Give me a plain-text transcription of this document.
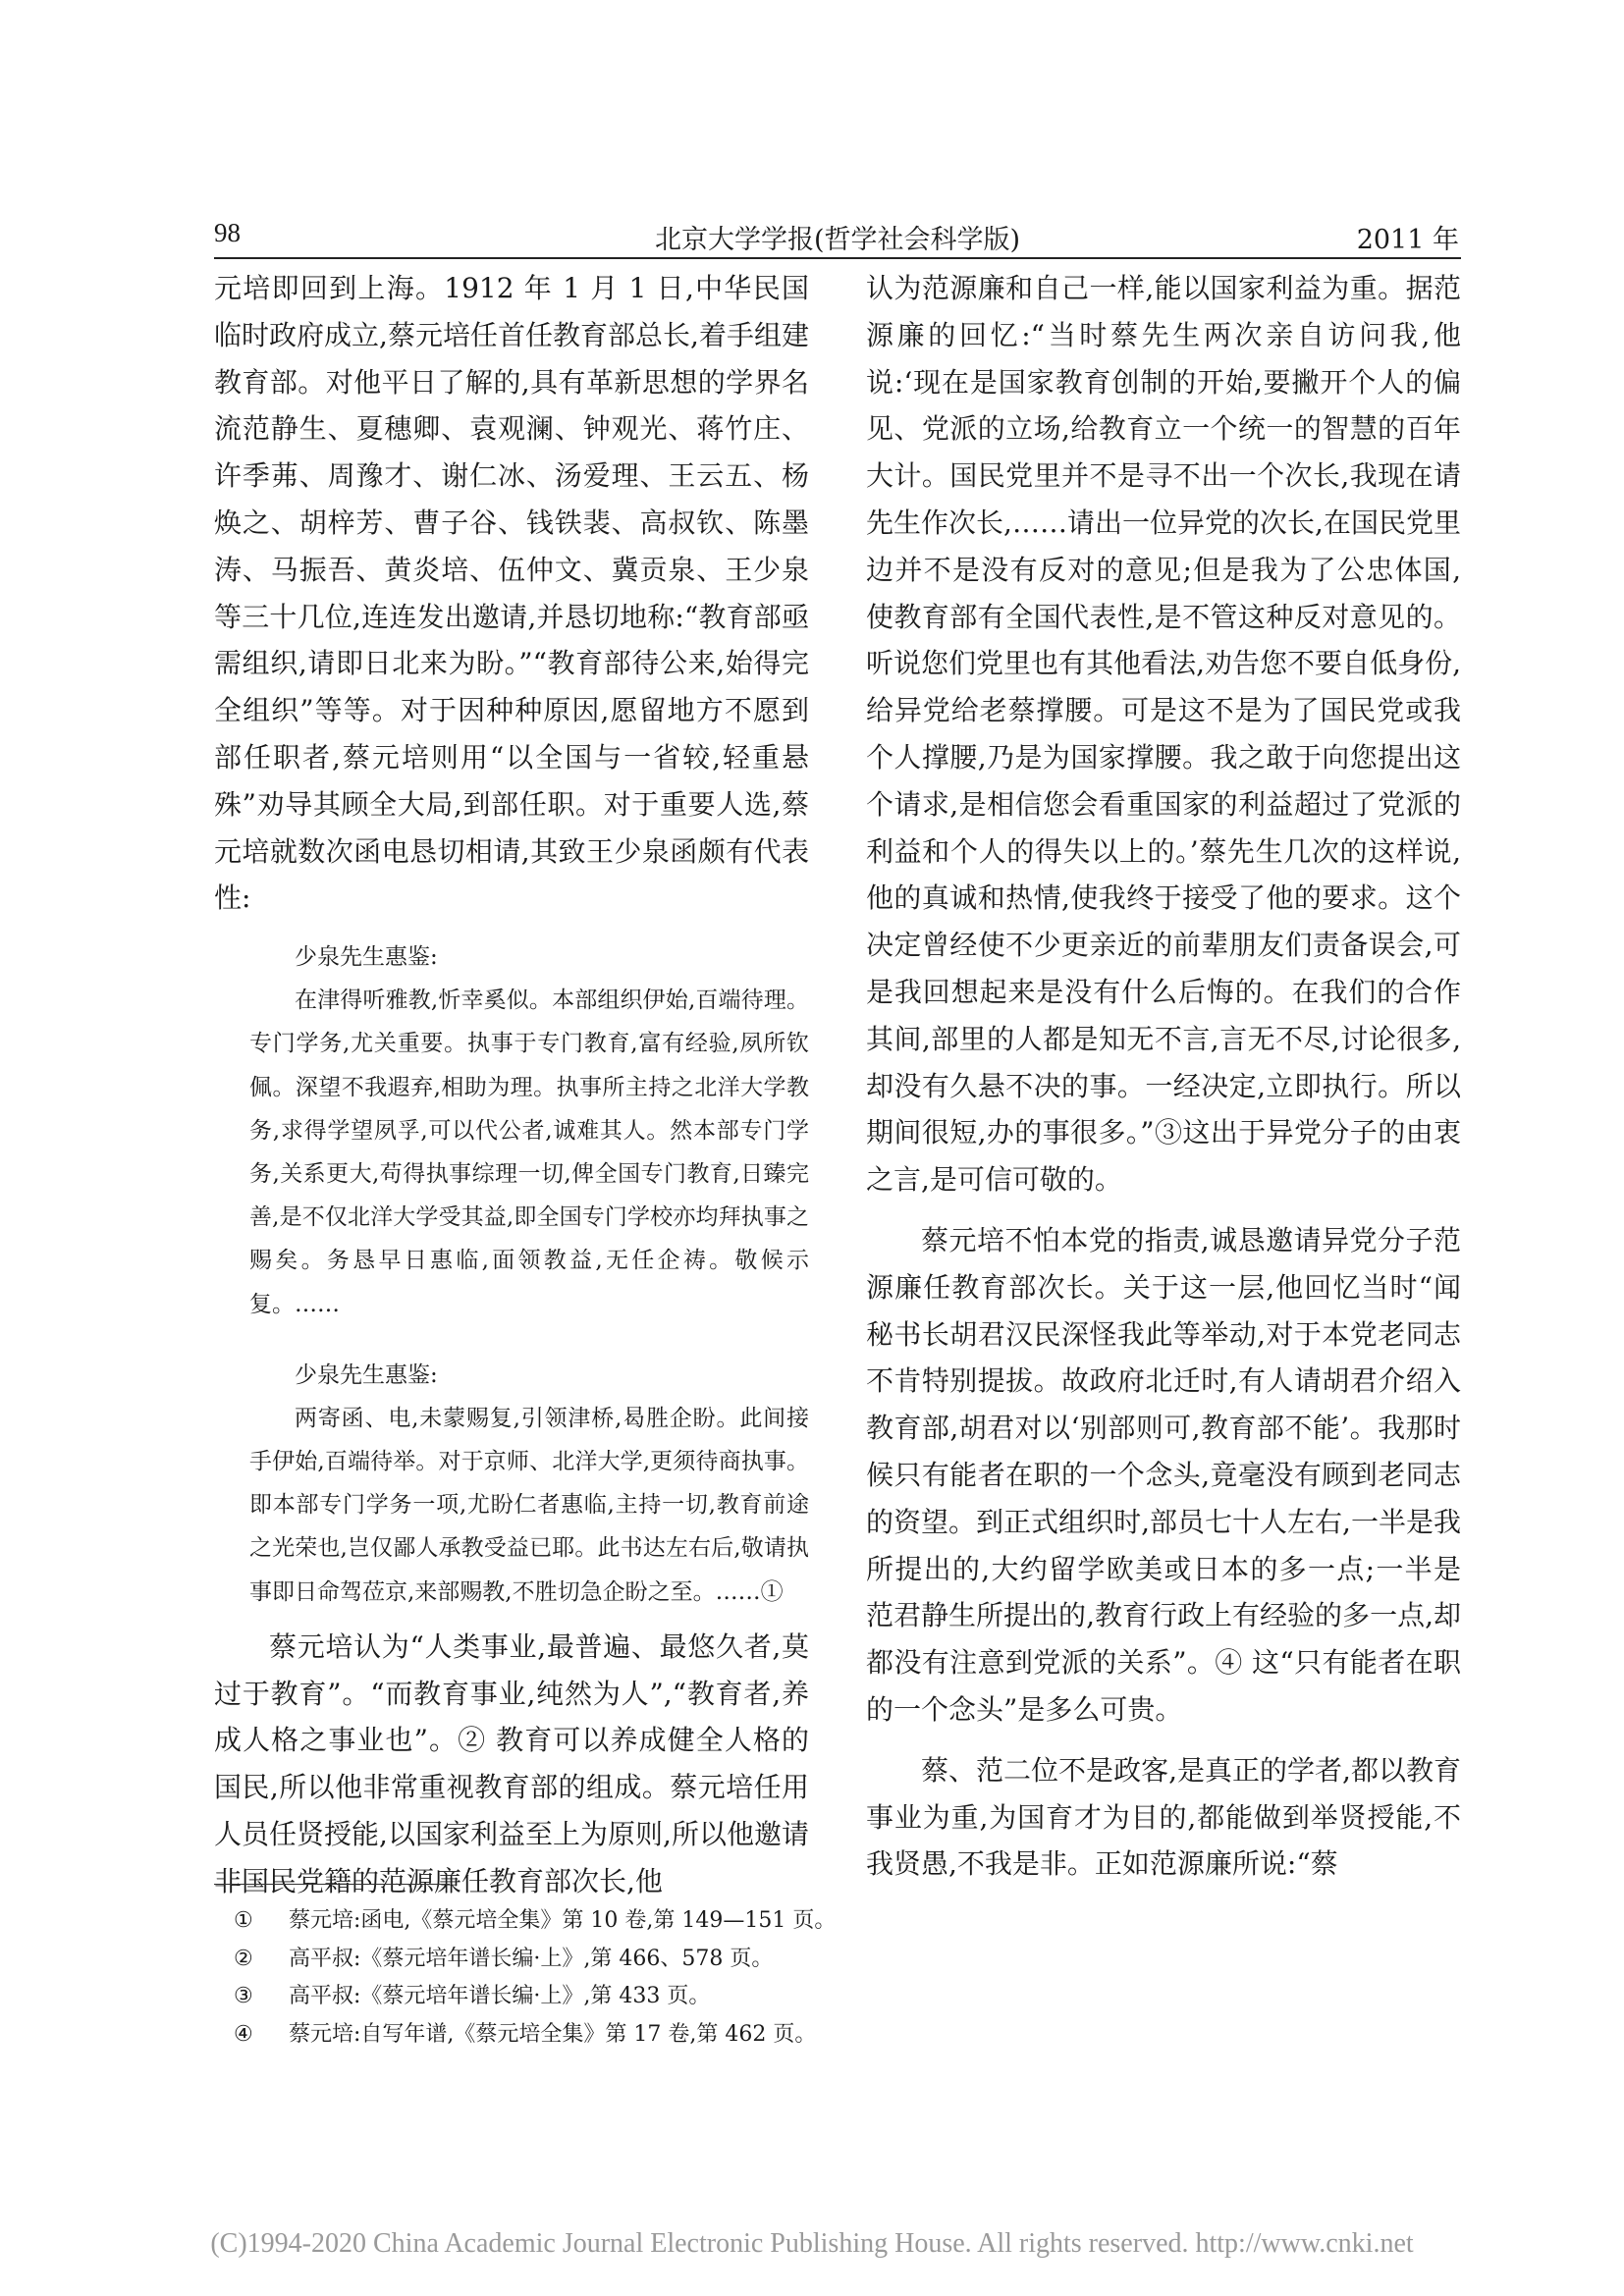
98	北京大学学报(哲学社会科学版)	2011 年

元培即回到上海。1912 年 1 月 1 日,中华民国临时政府成立,蔡元培任首任教育部总长,着手组建教育部。对他平日了解的,具有革新思想的学界名流范静生、夏穗卿、袁观澜、钟观光、蒋竹庄、许季茀、周豫才、谢仁冰、汤爱理、王云五、杨焕之、胡梓芳、曹子谷、钱铁裴、高叔钦、陈墨涛、马振吾、黄炎培、伍仲文、冀贡泉、王少泉等三十几位,连连发出邀请,并恳切地称:“教育部亟需组织,请即日北来为盼。”“教育部待公来,始得完全组织”等等。对于因种种原因,愿留地方不愿到部任职者,蔡元培则用“以全国与一省较,轻重悬殊”劝导其顾全大局,到部任职。对于重要人选,蔡元培就数次函电恳切相请,其致王少泉函颇有代表性:

少泉先生惠鉴:

在津得听雅教,忻幸奚似。本部组织伊始,百端待理。专门学务,尤关重要。执事于专门教育,富有经验,夙所钦佩。深望不我遐弃,相助为理。执事所主持之北洋大学教务,求得学望夙孚,可以代公者,诚难其人。然本部专门学务,关系更大,苟得执事综理一切,俾全国专门教育,日臻完善,是不仅北洋大学受其益,即全国专门学校亦均拜执事之赐矣。务恳早日惠临,面领教益,无任企祷。敬候示复。……

少泉先生惠鉴:

两寄函、电,未蒙赐复,引领津桥,曷胜企盼。此间接手伊始,百端待举。对于京师、北洋大学,更须待商执事。即本部专门学务一项,尤盼仁者惠临,主持一切,教育前途之光荣也,岂仅鄙人承教受益已耶。此书达左右后,敬请执事即日命驾莅京,来部赐教,不胜切急企盼之至。……①

蔡元培认为“人类事业,最普遍、最悠久者,莫过于教育”。“而教育事业,纯然为人”,“教育者,养成人格之事业也”。② 教育可以养成健全人格的国民,所以他非常重视教育部的组成。蔡元培任用人员任贤授能,以国家利益至上为原则,所以他邀请非国民党籍的范源廉任教育部次长,他

认为范源廉和自己一样,能以国家利益为重。据范源廉的回忆:“当时蔡先生两次亲自访问我,他说:‘现在是国家教育创制的开始,要撇开个人的偏见、党派的立场,给教育立一个统一的智慧的百年大计。国民党里并不是寻不出一个次长,我现在请先生作次长,……请出一位异党的次长,在国民党里边并不是没有反对的意见;但是我为了公忠体国,使教育部有全国代表性,是不管这种反对意见的。听说您们党里也有其他看法,劝告您不要自低身份,给异党给老蔡撑腰。可是这不是为了国民党或我个人撑腰,乃是为国家撑腰。我之敢于向您提出这个请求,是相信您会看重国家的利益超过了党派的利益和个人的得失以上的。’蔡先生几次的这样说,他的真诚和热情,使我终于接受了他的要求。这个决定曾经使不少更亲近的前辈朋友们责备误会,可是我回想起来是没有什么后悔的。在我们的合作其间,部里的人都是知无不言,言无不尽,讨论很多,却没有久悬不决的事。一经决定,立即执行。所以期间很短,办的事很多。”③这出于异党分子的由衷之言,是可信可敬的。

蔡元培不怕本党的指责,诚恳邀请异党分子范源廉任教育部次长。关于这一层,他回忆当时“闻秘书长胡君汉民深怪我此等举动,对于本党老同志不肯特别提拔。故政府北迁时,有人请胡君介绍入教育部,胡君对以‘别部则可,教育部不能’。我那时候只有能者在职的一个念头,竟毫没有顾到老同志的资望。到正式组织时,部员七十人左右,一半是我所提出的,大约留学欧美或日本的多一点;一半是范君静生所提出的,教育行政上有经验的多一点,却都没有注意到党派的关系”。④ 这“只有能者在职的一个念头”是多么可贵。

蔡、范二位不是政客,是真正的学者,都以教育事业为重,为国育才为目的,都能做到举贤授能,不我贤愚,不我是非。正如范源廉所说:“蔡

① 蔡元培:函电,《蔡元培全集》第 10 卷,第 149—151 页。
② 高平叔:《蔡元培年谱长编·上》,第 466、578 页。
③ 高平叔:《蔡元培年谱长编·上》,第 433 页。
④ 蔡元培:自写年谱,《蔡元培全集》第 17 卷,第 462 页。
(C)1994-2020 China Academic Journal Electronic Publishing House. All rights reserved. http://www.cnki.net
